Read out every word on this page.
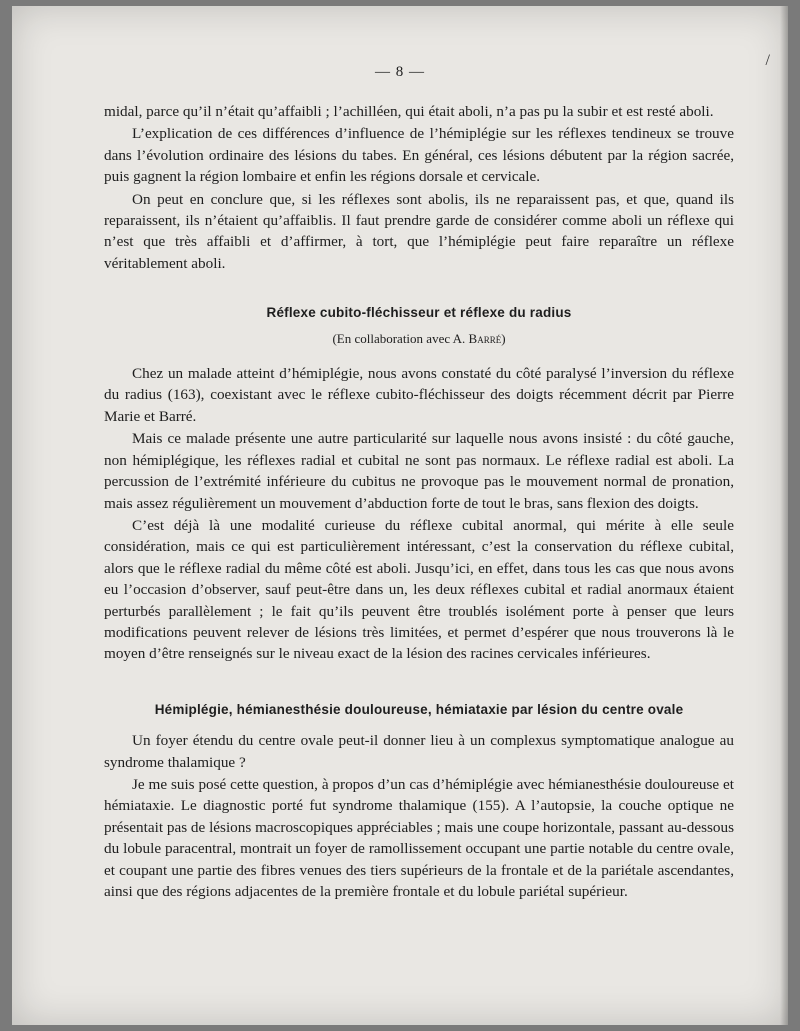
/
— 8 —

midal, parce qu’il n’était qu’affaibli ; l’achilléen, qui était aboli, n’a pas pu la subir et est resté aboli.

L’explication de ces différences d’influence de l’hémiplégie sur les réflexes tendineux se trouve dans l’évolution ordinaire des lésions du tabes. En général, ces lésions débutent par la région sacrée, puis gagnent la région lombaire et enfin les régions dorsale et cervicale.

On peut en conclure que, si les réflexes sont abolis, ils ne reparaissent pas, et que, quand ils reparaissent, ils n’étaient qu’affaiblis. Il faut prendre garde de considérer comme aboli un réflexe qui n’est que très affaibli et d’affirmer, à tort, que l’hémiplégie peut faire reparaître un réflexe véritablement aboli.

Réflexe cubito-fléchisseur et réflexe du radius
(En collaboration avec A. Barré)

Chez un malade atteint d’hémiplégie, nous avons constaté du côté paralysé l’inversion du réflexe du radius (163), coexistant avec le réflexe cubito-fléchisseur des doigts récemment décrit par Pierre Marie et Barré.

Mais ce malade présente une autre particularité sur laquelle nous avons insisté : du côté gauche, non hémiplégique, les réflexes radial et cubital ne sont pas normaux. Le réflexe radial est aboli. La percussion de l’extrémité inférieure du cubitus ne provoque pas le mouvement normal de pronation, mais assez régulièrement un mouvement d’abduction forte de tout le bras, sans flexion des doigts.

C’est déjà là une modalité curieuse du réflexe cubital anormal, qui mérite à elle seule considération, mais ce qui est particulièrement intéressant, c’est la conservation du réflexe cubital, alors que le réflexe radial du même côté est aboli. Jusqu’ici, en effet, dans tous les cas que nous avons eu l’occasion d’observer, sauf peut-être dans un, les deux réflexes cubital et radial anormaux étaient perturbés parallèlement ; le fait qu’ils peuvent être troublés isolément porte à penser que leurs modifications peuvent relever de lésions très limitées, et permet d’espérer que nous trouverons là le moyen d’être renseignés sur le niveau exact de la lésion des racines cervicales inférieures.

Hémiplégie, hémianesthésie douloureuse, hémiataxie par lésion du centre ovale

Un foyer étendu du centre ovale peut-il donner lieu à un complexus symptomatique analogue au syndrome thalamique ?

Je me suis posé cette question, à propos d’un cas d’hémiplégie avec hémianesthésie douloureuse et hémiataxie. Le diagnostic porté fut syndrome thalamique (155). A l’autopsie, la couche optique ne présentait pas de lésions macroscopiques appréciables ; mais une coupe horizontale, passant au-dessous du lobule paracentral, montrait un foyer de ramollissement occupant une partie notable du centre ovale, et coupant une partie des fibres venues des tiers supérieurs de la frontale et de la pariétale ascendantes, ainsi que des régions adjacentes de la première frontale et du lobule pariétal supérieur.
